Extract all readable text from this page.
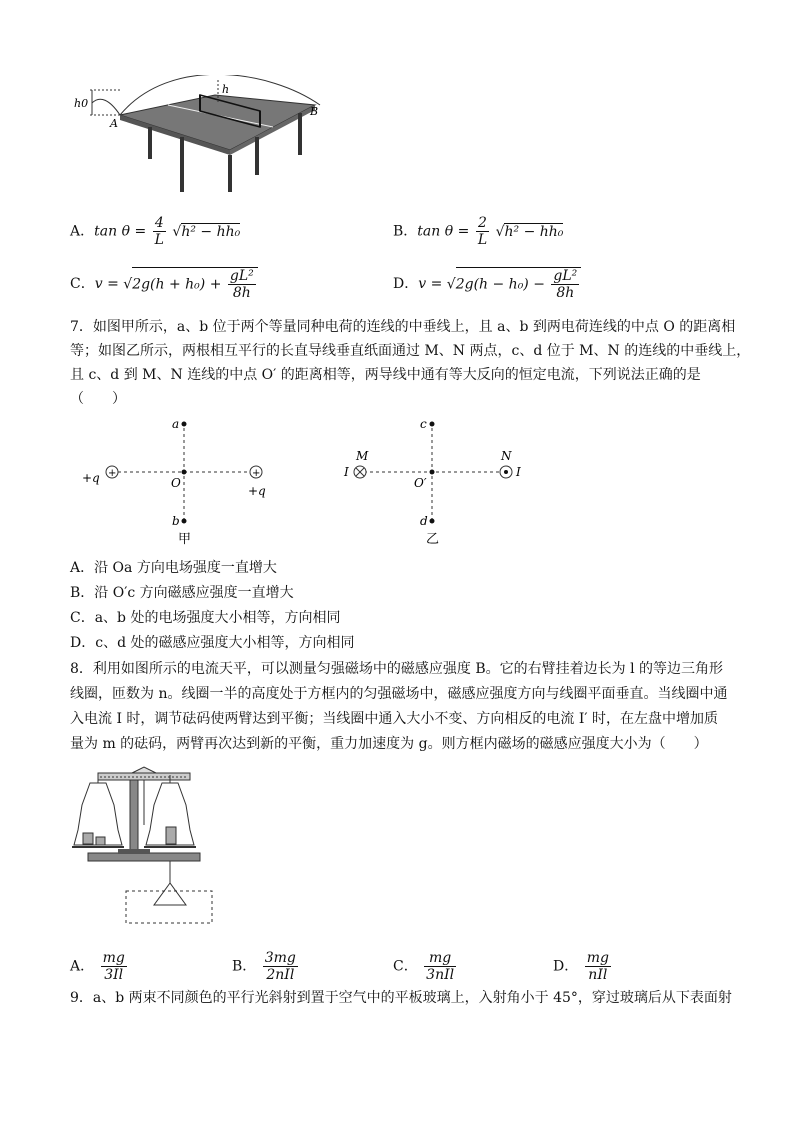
h0
h
A
B
A．$\tan \theta = \frac{4}{L} √h^2 - hh_0$	B．$\tan \theta = \frac{2}{L} √h^2 - hh_0$
C．$v = √2g(h + h_0) + \frac{\text{gL²}}{8h}$	D．$v = √2g(h - h_0) - \frac{\text{gL²}}{8h}$
7．如图甲所示，a、b 位于两个等量同种电荷的连线的中垂线上，且 a、b 到两电荷连线的中点 O 的距离相
等；如图乙所示，两根相互平行的长直导线垂直纸面通过 M、N 两点，c、d 位于 M、N 的连线的中垂线上，
且 c、d 到 M、N 连线的中点 O′ 的距离相等，两导线中通有等大反向的恒定电流，下列说法正确的是
（　　）
+	+
a
O
b
+q
+q
甲
c
O′
d
M	N
I	I
乙
A．沿 Oa 方向电场强度一直增大
B．沿 O′c 方向磁感应强度一直增大
C．a、b 处的电场强度大小相等，方向相同
D．c、d 处的磁感应强度大小相等，方向相同
8．利用如图所示的电流天平，可以测量匀强磁场中的磁感应强度 B。它的右臂挂着边长为 l 的等边三角形
线圈，匝数为 n。线圈一半的高度处于方框内的匀强磁场中，磁感应强度方向与线圈平面垂直。当线圈中通
入电流 I 时，调节砝码使两臂达到平衡；当线圈中通入大小不变、方向相反的电流 I′ 时，在左盘中增加质
量为 m 的砝码，两臂再次达到新的平衡，重力加速度为 g。则方框内磁场的磁感应强度大小为（　　）
A． $\frac{mg}{3Il}$	B． $\frac{3mg}{\text{2nIl}}$	C． $\frac{mg}{\text{3nIl}}$	D． $\frac{mg}{\text{nIl}}$
9．a、b 两束不同颜色的平行光斜射到置于空气中的平板玻璃上，入射角小于 45°，穿过玻璃后从下表面射
